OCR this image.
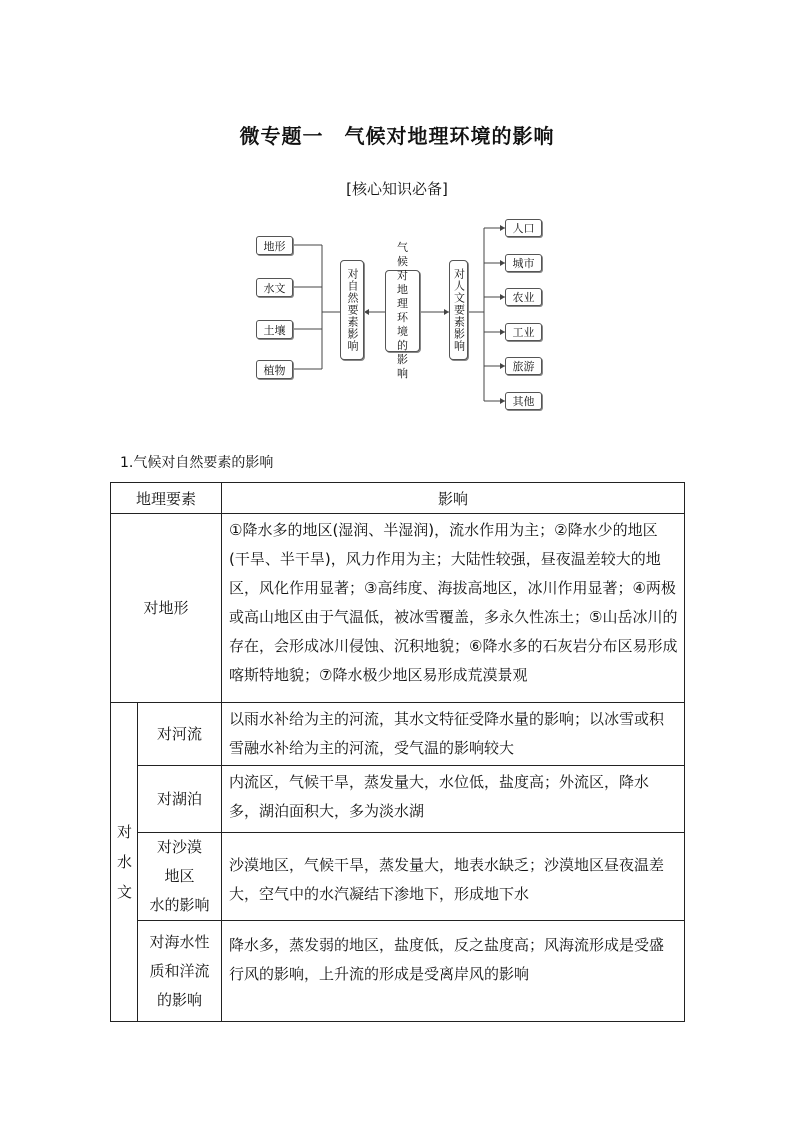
微专题一　气候对地理环境的影响
[核心知识必备]
地形
水文
土壤
植物
对自然要素影响
气候对地理环境的影响
对人文要素影响
人口
城市
农业
工业
旅游
其他
1.气候对自然要素的影响
地理要素		影响
对地形		①降水多的地区(湿润、半湿润)，流水作用为主；②降水少的地区(干旱、半干旱)，风力作用为主；大陆性较强，昼夜温差较大的地区，风化作用显著；③高纬度、海拔高地区，冰川作用显著；④两极或高山地区由于气温低，被冰雪覆盖，多永久性冻土；⑤山岳冰川的存在，会形成冰川侵蚀、沉积地貌；⑥降水多的石灰岩分布区易形成喀斯特地貌；⑦降水极少地区易形成荒漠景观

对水文	对河流	以雨水补给为主的河流，其水文特征受降水量的影响；以冰雪或积雪融水补给为主的河流，受气温的影响较大

	对湖泊	内流区，气候干旱，蒸发量大，水位低，盐度高；外流区，降水多，湖泊面积大，多为淡水湖

	对沙漠
地区
水的影响	沙漠地区，气候干旱，蒸发量大，地表水缺乏；沙漠地区昼夜温差大，空气中的水汽凝结下渗地下，形成地下水

	对海水性
质和洋流
的影响	降水多，蒸发弱的地区，盐度低，反之盐度高；风海流形成是受盛行风的影响，上升流的形成是受离岸风的影响
